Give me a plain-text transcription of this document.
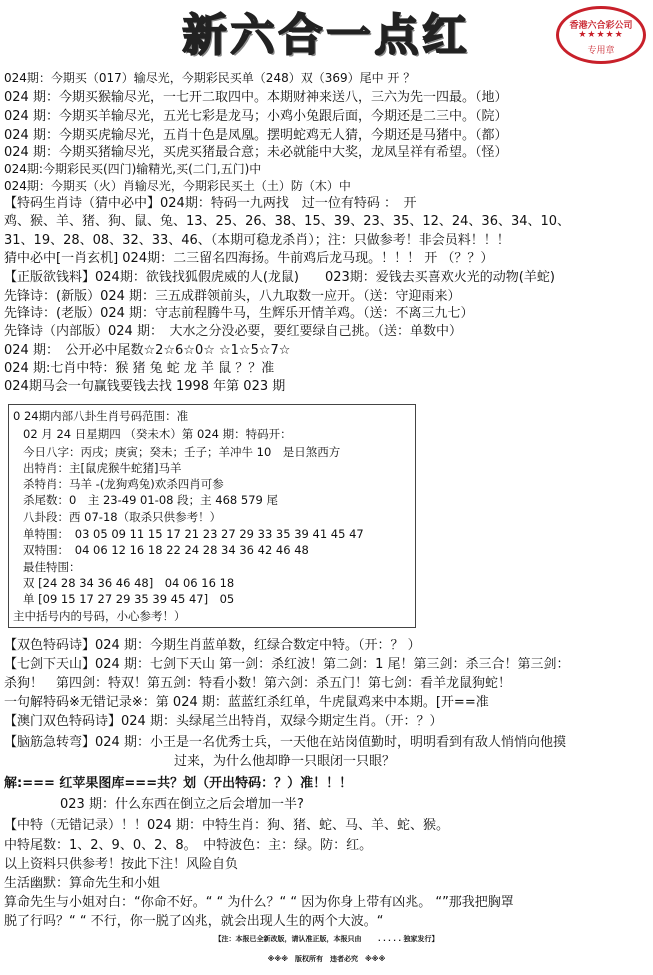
新六合一点红	香港六合彩公司
★★★★★
专用章
024期：今期买（017）输尽光，今期彩民买单（248）双（369）尾中 开 ？
024 期：今期买猴输尽光，一七开二取四中。本期财神来送八，三六为先一四最。（地）
024 期：今期买羊输尽光，五光七彩是龙马；小鸡小兔跟后面，今期还是二三中。（院）
024 期：今期买虎输尽光，五肖十色是凤凰。摆明蛇鸡无人猜，今期还是马猪中。（都）
024 期：今期买猪输尽光，买虎买猪最合意；未必就能中大奖，龙凤呈祥有希望。（怪）
024期:今期彩民买(四门)输精光,买(二门,五门)中
024期：今期买（火）肖输尽光，今期彩民买土（土）防（木）中
【特码生肖诗（猜中必中】024期：特码一九两找　过一位有特码 ：　开
鸡、猴、羊、猪、狗、鼠、兔、13、25、26、38、15、39、23、35、12、24、36、34、10、
31、19、28、08、32、33、46、（本期可稳龙杀肖）；注：只做参考！非会员料！！！
猜中必中[一肖玄机] 024期：二三留名四海扬。牛前鸡后龙马现。！！！ 开 （？？）
【正版欲钱料】024期：欲钱找狐假虎威的人(龙鼠)　　023期：爱钱去买喜欢火光的动物(羊蛇)
先锋诗：(新版）024 期：三五成群领前头，八九取数一应开。（送：守迎雨来）
先锋诗：(老版）024 期：守志前程腾牛马，生辉乐开情羊鸡。（送：不离三九七）
先锋诗（内部版）024 期：　大水之分没必要，要红要绿自己挑。（送：单数中）
024 期：　公开必中尾数☆2☆6☆0☆ ☆1☆5☆7☆
024 期:七肖中特：猴 猪 兔 蛇 龙 羊 鼠 ？？准
024期马会一句赢钱要钱去找 1998 年第 023 期
0 24期内部八卦生肖号码范围：准
02 月 24 日星期四 （癸未木）第 024 期：特码开：
今日八字：丙戌；庚寅；癸未；壬子；羊冲牛 10　是日煞西方
出特肖：主[鼠虎猴牛蛇猪]马羊
杀特肖：马羊 -(龙狗鸡兔)欢杀四肖可参
杀尾数：0　主 23-49 01-08 段；主 468 579 尾
八卦段：西 07-18（取杀只供参考！）
单特围：　03 05 09 11 15 17 21 23 27 29 33 35 39 41 45 47
双特围：　04 06 12 16 18 22 24 28 34 36 42 46 48
最佳特围：
双 [24 28 34 36 46 48]　04 06 16 18
单 [09 15 17 27 29 35 39 45 47]　05
主中括号内的号码，小心参考！）
【双色特码诗】024 期：今期生肖蓝单数，红绿合数定中特。（开：？ ）
【七剑下天山】024 期：七剑下天山 第一剑：杀红波！第二剑：1 尾！第三剑：杀三合！第三剑：
杀狗！　第四剑：特双！第五剑：特看小数！第六剑：杀五门！第七剑：看羊龙鼠狗蛇！
一句解特码※无错记录※：第 024 期：蓝蓝红杀红单，牛虎鼠鸡来中本期。[开==准
【澳门双色特码诗】024 期：头绿尾兰出特肖，双绿今期定生肖。（开：？）
【脑筋急转弯】024 期：小王是一名优秀士兵，一天他在站岗值勤时，明明看到有敌人悄悄向他摸
过来，为什么他却睁一只眼闭一只眼？
解:=== 红苹果图库===共？划（开出特码：？）准！！！
023 期：什么东西在倒立之后会增加一半?
【中特（无错记录）！！024 期：中特生肖：狗、猪、蛇、马、羊、蛇、猴。
中特尾数：1、2、9、0、2、8。　中特波色：主：绿。防：红。
以上资料只供参考！按此下注！风险自负
生活幽默：算命先生和小姐
算命先生与小姐对白：“你命不好。“ “ 为什么？“ “ 因为你身上带有凶兆。 “”那我把胸罩
脱了行吗？“ “ 不行，你一脱了凶兆，就会出现人生的两个大波。“
【注：本报已全新改版，请认准正版，本报只由　　 . . . . . 独家发行】
※※※　版权所有　违者必究　※※※
